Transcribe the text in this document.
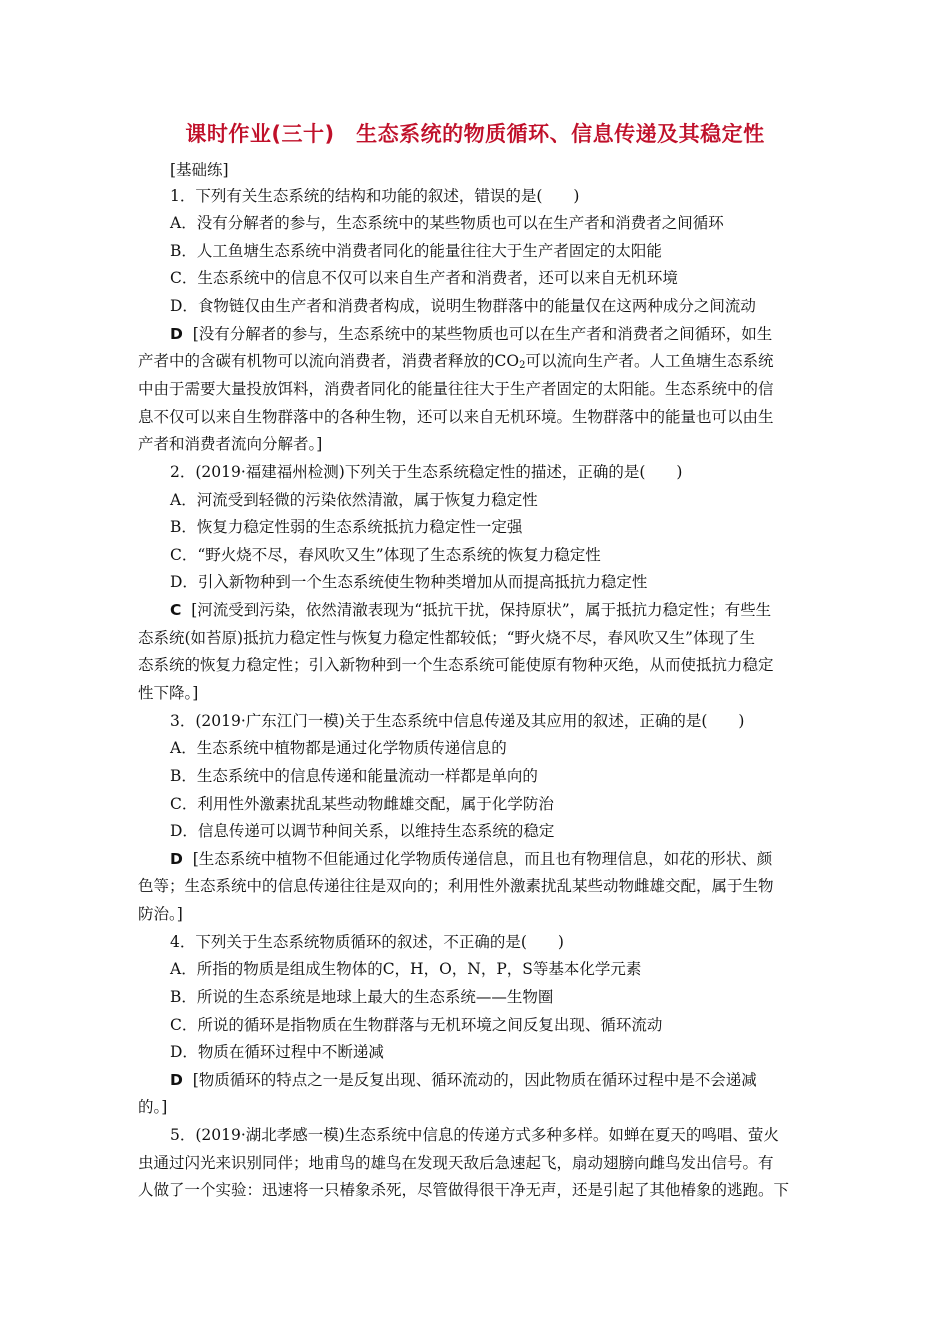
课时作业(三十)　生态系统的物质循环、信息传递及其稳定性
[基础练]
1．下列有关生态系统的结构和功能的叙述，错误的是(　　)
A．没有分解者的参与，生态系统中的某些物质也可以在生产者和消费者之间循环
B．人工鱼塘生态系统中消费者同化的能量往往大于生产者固定的太阳能
C．生态系统中的信息不仅可以来自生产者和消费者，还可以来自无机环境
D．食物链仅由生产者和消费者构成，说明生物群落中的能量仅在这两种成分之间流动
D [没有分解者的参与，生态系统中的某些物质也可以在生产者和消费者之间循环，如生
产者中的含碳有机物可以流向消费者，消费者释放的$CO_2$可以流向生产者。人工鱼塘生态系统
中由于需要大量投放饵料，消费者同化的能量往往大于生产者固定的太阳能。生态系统中的信
息不仅可以来自生物群落中的各种生物，还可以来自无机环境。生物群落中的能量也可以由生
产者和消费者流向分解者。]
2．(2019·福建福州检测)下列关于生态系统稳定性的描述，正确的是(　　)
A．河流受到轻微的污染依然清澈，属于恢复力稳定性
B．恢复力稳定性弱的生态系统抵抗力稳定性一定强
C．“野火烧不尽，春风吹又生”体现了生态系统的恢复力稳定性
D．引入新物种到一个生态系统使生物种类增加从而提高抵抗力稳定性
C [河流受到污染，依然清澈表现为“抵抗干扰，保持原状”，属于抵抗力稳定性；有些生
态系统(如苔原)抵抗力稳定性与恢复力稳定性都较低；“野火烧不尽，春风吹又生”体现了生
态系统的恢复力稳定性；引入新物种到一个生态系统可能使原有物种灭绝，从而使抵抗力稳定
性下降。]
3．(2019·广东江门一模)关于生态系统中信息传递及其应用的叙述，正确的是(　　)
A．生态系统中植物都是通过化学物质传递信息的
B．生态系统中的信息传递和能量流动一样都是单向的
C．利用性外激素扰乱某些动物雌雄交配，属于化学防治
D．信息传递可以调节种间关系，以维持生态系统的稳定
D [生态系统中植物不但能通过化学物质传递信息，而且也有物理信息，如花的形状、颜
色等；生态系统中的信息传递往往是双向的；利用性外激素扰乱某些动物雌雄交配，属于生物
防治。]
4．下列关于生态系统物质循环的叙述，不正确的是(　　)
A．所指的物质是组成生物体的C，H，O，N，P，S等基本化学元素
B．所说的生态系统是地球上最大的生态系统——生物圈
C．所说的循环是指物质在生物群落与无机环境之间反复出现、循环流动
D．物质在循环过程中不断递减
D [物质循环的特点之一是反复出现、循环流动的，因此物质在循环过程中是不会递减
的。]
5．(2019·湖北孝感一模)生态系统中信息的传递方式多种多样。如蝉在夏天的鸣唱、萤火
虫通过闪光来识别同伴；地甫鸟的雄鸟在发现天敌后急速起飞，扇动翅膀向雌鸟发出信号。有
人做了一个实验：迅速将一只椿象杀死，尽管做得很干净无声，还是引起了其他椿象的逃跑。下
